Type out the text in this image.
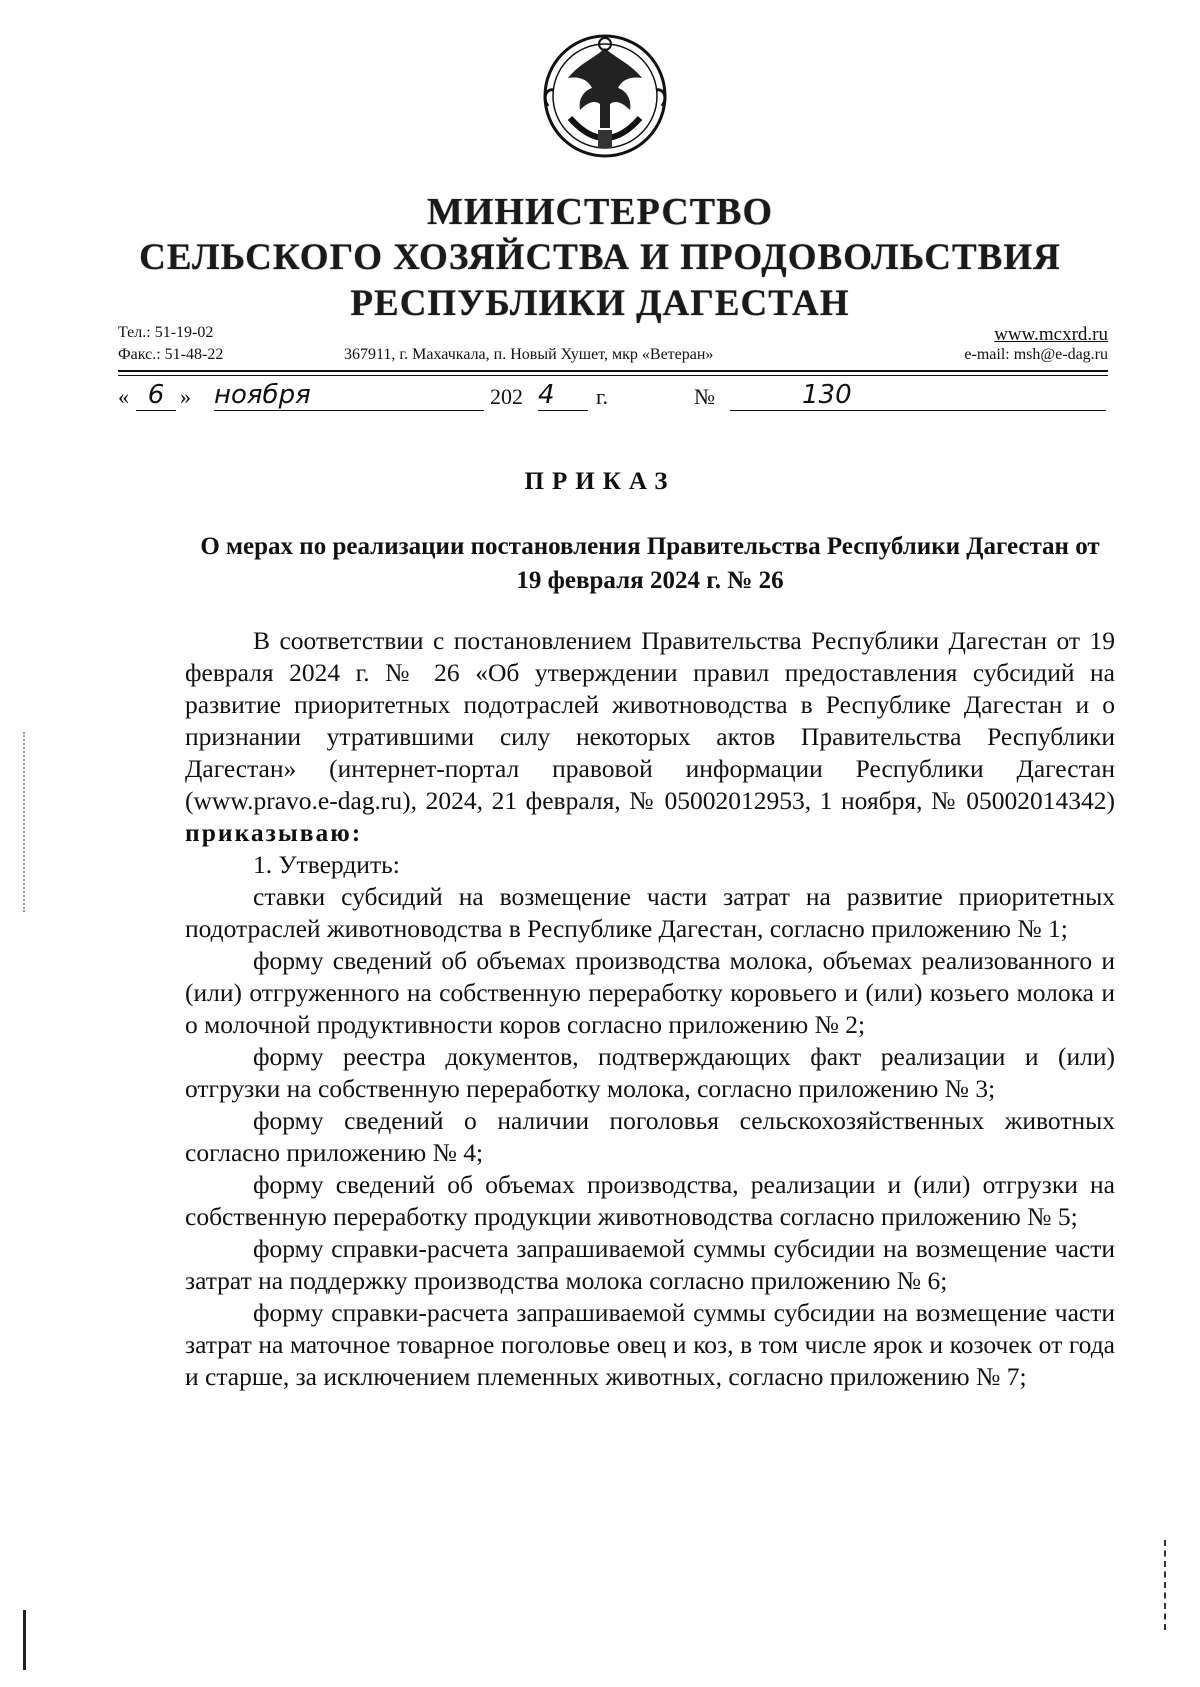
МИНИСТЕРСТВО
СЕЛЬСКОГО ХОЗЯЙСТВА И ПРОДОВОЛЬСТВИЯ
РЕСПУБЛИКИ ДАГЕСТАН
Тел.: 51-19-02
Факс.: 51-48-22	367911, г. Махачкала, п. Новый Хушет, мкр «Ветеран»
www.mcxrd.ru
e-mail: msh@e-dag.ru
« 6 » ноября	202 4	г.	№	130
ПРИКАЗ
О мерах по реализации постановления Правительства Республики Дагестан от 19 февраля 2024 г. № 26

В соответствии с постановлением Правительства Республики Дагестан от 19 февраля 2024 г. № 26 «Об утверждении правил предоставления субсидий на развитие приоритетных подотраслей животноводства в Республике Дагестан и о признании утратившими силу некоторых актов Правительства Республики Дагестан» (интернет-портал правовой информации Республики Дагестан (www.pravo.e-dag.ru), 2024, 21 февраля, № 05002012953, 1 ноября, № 05002014342) приказываю:

1. Утвердить:

ставки субсидий на возмещение части затрат на развитие приоритетных подотраслей животноводства в Республике Дагестан, согласно приложению № 1;

форму сведений об объемах производства молока, объемах реализованного и (или) отгруженного на собственную переработку коровьего и (или) козьего молока и о молочной продуктивности коров согласно приложению № 2;

форму реестра документов, подтверждающих факт реализации и (или) отгрузки на собственную переработку молока, согласно приложению № 3;

форму сведений о наличии поголовья сельскохозяйственных животных согласно приложению № 4;

форму сведений об объемах производства, реализации и (или) отгрузки на собственную переработку продукции животноводства согласно приложению № 5;

форму справки-расчета запрашиваемой суммы субсидии на возмещение части затрат на поддержку производства молока согласно приложению № 6;

форму справки-расчета запрашиваемой суммы субсидии на возмещение части затрат на маточное товарное поголовье овец и коз, в том числе ярок и козочек от года и старше, за исключением племенных животных, согласно приложению № 7;
